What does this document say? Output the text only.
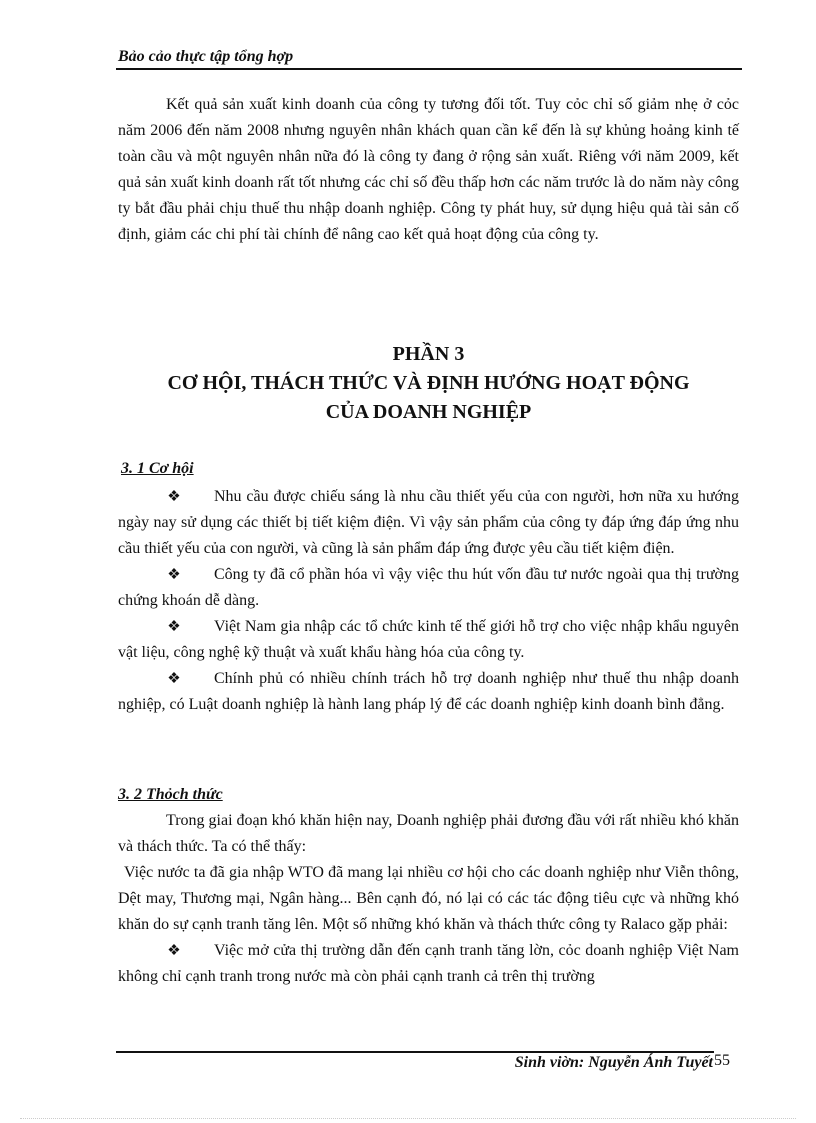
Bảo cảo thực tập tổng hợp

Kết quả sản xuất kinh doanh của công ty tương đối tốt. Tuy cỏc chỉ số giảm nhẹ ở cỏc năm 2006 đến năm 2008 nhưng nguyên nhân khách quan cần kể đến là sự khủng hoảng kinh tế toàn cầu và một nguyên nhân nữa đó là công ty đang ở rộng sản xuất. Riêng với năm 2009, kết quả sản xuất kinh doanh rất tốt nhưng các chỉ số đều thấp hơn các năm trước là do năm này công ty bắt đầu phải chịu thuế thu nhập doanh nghiệp. Công ty phát huy, sử dụng hiệu quả tài sản cố định, giảm các chi phí tài chính để nâng cao kết quả hoạt động của công ty.

PHẦN 3
CƠ HỘI, THÁCH THỨC VÀ ĐỊNH HƯỚNG HOẠT ĐỘNG
CỦA DOANH NGHIỆP
3. 1 Cơ hội

❖ Nhu cầu được chiếu sáng là nhu cầu thiết yếu của con người, hơn nữa xu hướng ngày nay sử dụng các thiết bị tiết kiệm điện. Vì vậy sản phẩm của công ty đáp ứng đáp ứng nhu cầu thiết yếu của con người, và cũng là sản phẩm đáp ứng được yêu cầu tiết kiệm điện.

❖ Công ty đã cổ phần hóa vì vậy việc thu hút vốn đầu tư nước ngoài qua thị trường chứng khoán dễ dàng.

❖ Việt Nam gia nhập các tổ chức kinh tế thế giới hỗ trợ cho việc nhập khẩu nguyên vật liệu, công nghệ kỹ thuật và xuất khẩu hàng hóa của công ty.

❖ Chính phủ có nhiều chính trách hỗ trợ doanh nghiệp như thuế thu nhập doanh nghiệp, có Luật doanh nghiệp là hành lang pháp lý để các doanh nghiệp kinh doanh bình đẳng.

3. 2 Thỏch thức

Trong giai đoạn khó khăn hiện nay, Doanh nghiệp phải đương đầu với rất nhiều khó khăn và thách thức. Ta có thể thấy:

Việc nước ta đã gia nhập WTO đã mang lại nhiều cơ hội cho các doanh nghiệp như Viễn thông, Dệt may, Thương mại, Ngân hàng... Bên cạnh đó, nó lại có các tác động tiêu cực và những khó khăn do sự cạnh tranh tăng lên. Một số những khó khăn và thách thức công ty Ralaco gặp phải:

❖ Việc mở cửa thị trường dẫn đến cạnh tranh tăng lờn, cỏc doanh nghiệp Việt Nam không chỉ cạnh tranh trong nước mà còn phải cạnh tranh cả trên thị trường

Sinh viờn: Nguyễn Ánh Tuyết 55
